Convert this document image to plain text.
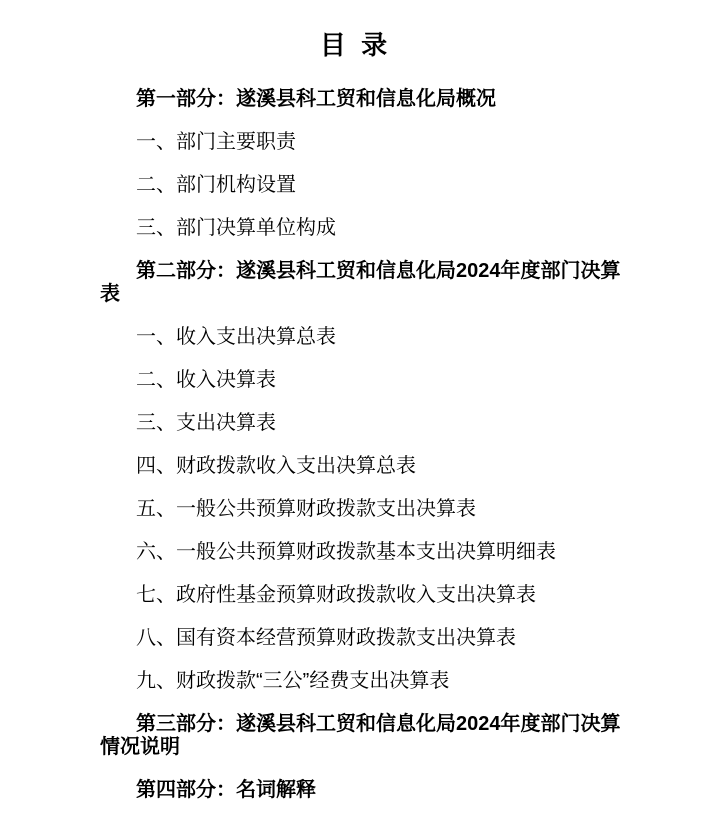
目 录

第一部分：遂溪县科工贸和信息化局概况

一、部门主要职责

二、部门机构设置

三、部门决算单位构成

第二部分：遂溪县科工贸和信息化局2024年度部门决算
表

一、收入支出决算总表

二、收入决算表

三、支出决算表

四、财政拨款收入支出决算总表

五、一般公共预算财政拨款支出决算表

六、一般公共预算财政拨款基本支出决算明细表

七、政府性基金预算财政拨款收入支出决算表

八、国有资本经营预算财政拨款支出决算表

九、财政拨款“三公”经费支出决算表

第三部分：遂溪县科工贸和信息化局2024年度部门决算
情况说明

第四部分：名词解释
